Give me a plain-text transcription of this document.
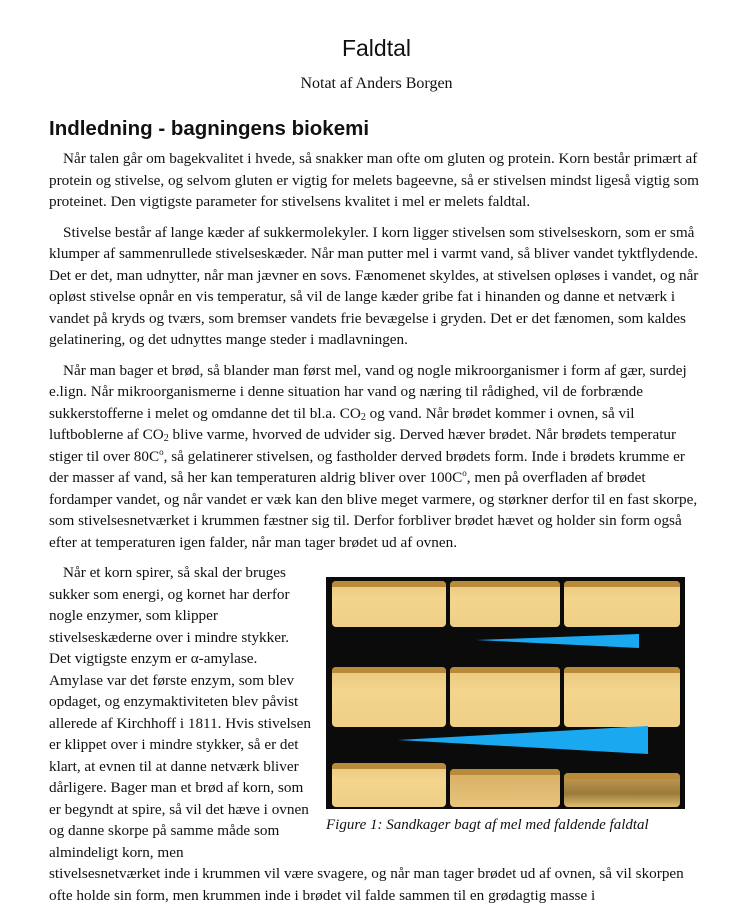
Faldtal
Notat af Anders Borgen
Indledning - bagningens biokemi

Når talen går om bagekvalitet i hvede, så snakker man ofte om gluten og protein. Korn består primært af protein og stivelse, og selvom gluten er vigtig for melets bageevne, så er stivelsen mindst ligeså vigtig som proteinet. Den vigtigste parameter for stivelsens kvalitet i mel er melets faldtal.

Stivelse består af lange kæder af sukkermolekyler. I korn ligger stivelsen som stivelseskorn, som er små klumper af sammenrullede stivelseskæder. Når man putter mel i varmt vand, så bliver vandet tyktflydende. Det er det, man udnytter, når man jævner en sovs. Fænomenet skyldes, at stivelsen opløses i vandet, og når opløst stivelse opnår en vis temperatur, så vil de lange kæder gribe fat i hinanden og danne et netværk i vandet på kryds og tværs, som bremser vandets frie bevægelse i gryden. Det er det fænomen, som kaldes gelatinering, og det udnyttes mange steder i madlavningen.

Når man bager et brød, så blander man først mel, vand og nogle mikroorganismer i form af gær, surdej e.lign. Når mikroorganismerne i denne situation har vand og næring til rådighed, vil de forbrænde sukkerstofferne i melet og omdanne det til bl.a. $CO_2$ og vand. Når brødet kommer i ovnen, så vil luftboblerne af $CO_2$ blive varme, hvorved de udvider sig. Derved hæver brødet. Når brødets temperatur stiger til over $80C^o$, så gelatinerer stivelsen, og fastholder derved brødets form. Inde i brødets krumme er der masser af vand, så her kan temperaturen aldrig bliver over $100C^o$, men på overfladen af brødet fordamper vandet, og når vandet er væk kan den blive meget varmere, og størkner derfor til en fast skorpe, som stivelsesnetværket i krummen fæstner sig til. Derfor forbliver brødet hævet og holder sin form også efter at temperaturen igen falder, når man tager brødet ud af ovnen.

Når et korn spirer, så skal der bruges sukker som energi, og kornet har derfor nogle enzymer, som klipper stivelseskæderne over i mindre stykker. Det vigtigste enzym er α-amylase. Amylase var det første enzym, som blev opdaget, og enzymaktiviteten blev påvist allerede af Kirchhoff i 1811. Hvis stivelsen er klippet over i mindre stykker, så er det klart, at evnen til at danne netværk bliver dårligere. Bager man et brød af korn, som er begyndt at spire, så vil det hæve i ovnen og danne skorpe på samme måde som almindeligt korn, men

stivelsesnetværket inde i krummen vil være svagere, og når man tager brødet ud af ovnen, så vil skorpen ofte holde sin form, men krummen inde i brødet vil falde sammen til en grødagtig masse i

Figure 1: Sandkager bagt af mel med faldende faldtal
